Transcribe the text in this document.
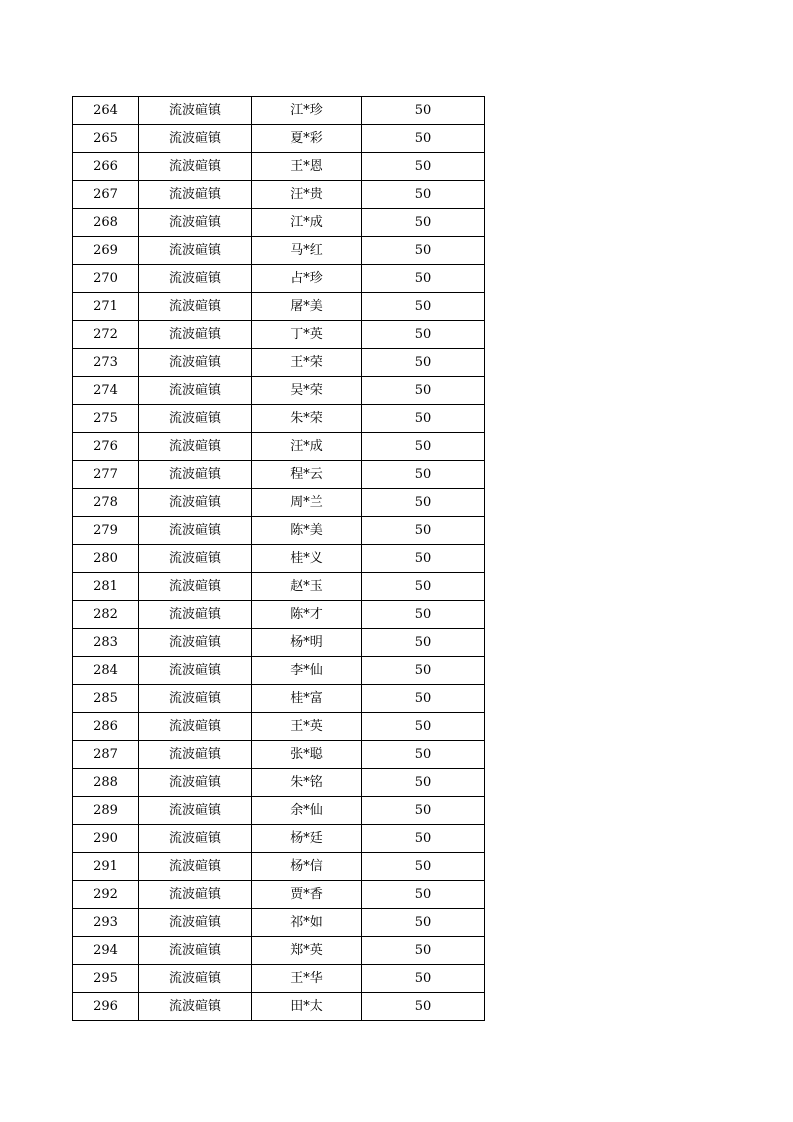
264	流波碹镇	江*珍	50
265	流波碹镇	夏*彩	50
266	流波碹镇	王*恩	50
267	流波碹镇	汪*贵	50
268	流波碹镇	江*成	50
269	流波碹镇	马*红	50
270	流波碹镇	占*珍	50
271	流波碹镇	屠*美	50
272	流波碹镇	丁*英	50
273	流波碹镇	王*荣	50
274	流波碹镇	吴*荣	50
275	流波碹镇	朱*荣	50
276	流波碹镇	汪*成	50
277	流波碹镇	程*云	50
278	流波碹镇	周*兰	50
279	流波碹镇	陈*美	50
280	流波碹镇	桂*义	50
281	流波碹镇	赵*玉	50
282	流波碹镇	陈*才	50
283	流波碹镇	杨*明	50
284	流波碹镇	李*仙	50
285	流波碹镇	桂*富	50
286	流波碹镇	王*英	50
287	流波碹镇	张*聪	50
288	流波碹镇	朱*铭	50
289	流波碹镇	余*仙	50
290	流波碹镇	杨*廷	50
291	流波碹镇	杨*信	50
292	流波碹镇	贾*香	50
293	流波碹镇	祁*如	50
294	流波碹镇	郑*英	50
295	流波碹镇	王*华	50
296	流波碹镇	田*太	50
